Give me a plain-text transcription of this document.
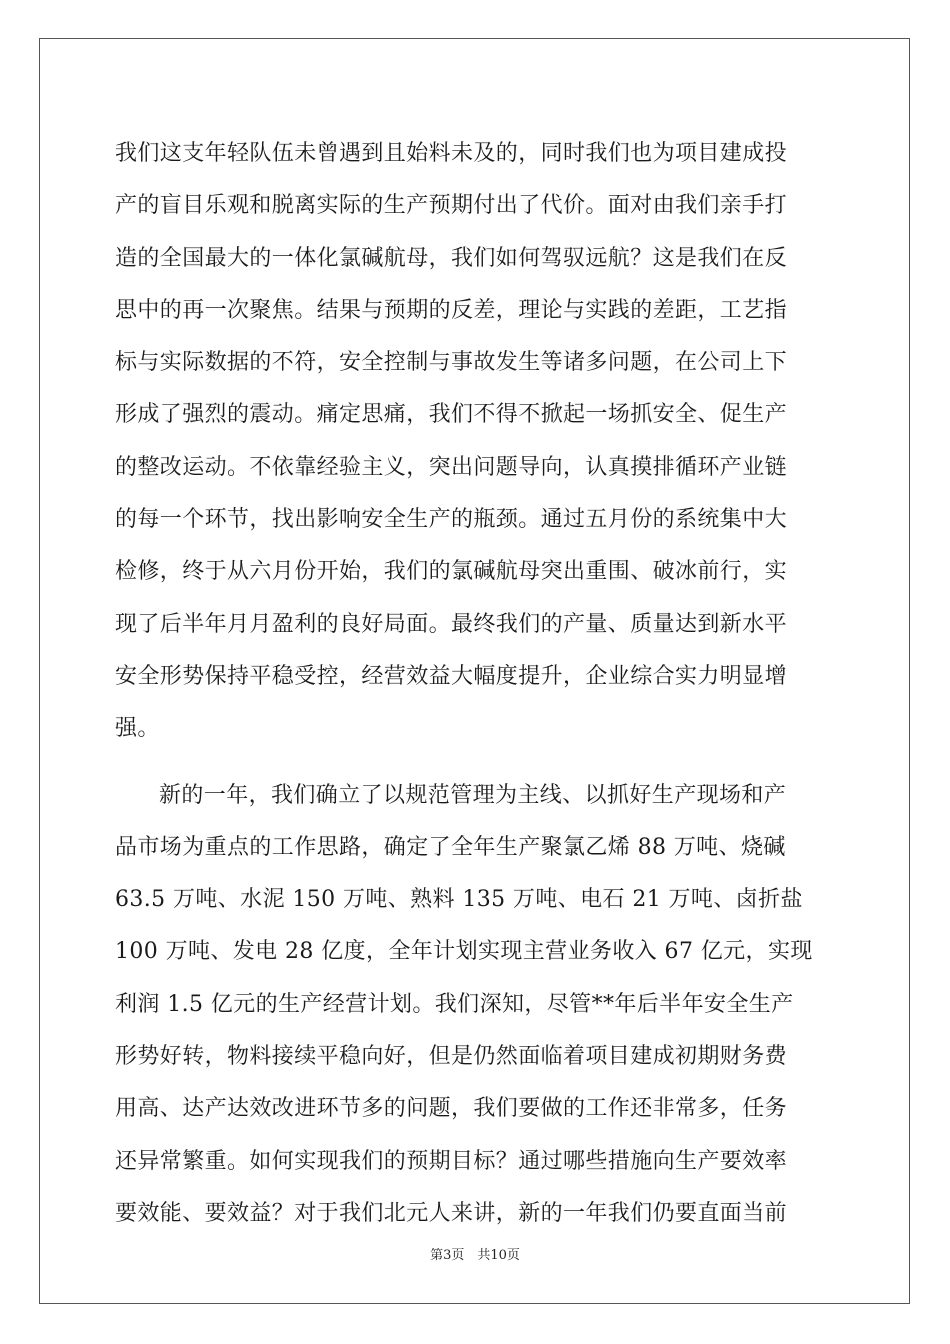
我们这支年轻队伍未曾遇到且始料未及的，同时我们也为项目建成投
产的盲目乐观和脱离实际的生产预期付出了代价。面对由我们亲手打
造的全国最大的一体化氯碱航母，我们如何驾驭远航？这是我们在反
思中的再一次聚焦。结果与预期的反差，理论与实践的差距，工艺指
标与实际数据的不符，安全控制与事故发生等诸多问题，在公司上下
形成了强烈的震动。痛定思痛，我们不得不掀起一场抓安全、促生产
的整改运动。不依靠经验主义，突出问题导向，认真摸排循环产业链
的每一个环节，找出影响安全生产的瓶颈。通过五月份的系统集中大
检修，终于从六月份开始，我们的氯碱航母突出重围、破冰前行，实
现了后半年月月盈利的良好局面。最终我们的产量、质量达到新水平
安全形势保持平稳受控，经营效益大幅度提升，企业综合实力明显增
强。
新的一年，我们确立了以规范管理为主线、以抓好生产现场和产
品市场为重点的工作思路，确定了全年生产聚氯乙烯 88 万吨、烧碱
63.5 万吨、水泥 150 万吨、熟料 135 万吨、电石 21 万吨、卤折盐
100 万吨、发电 28 亿度，全年计划实现主营业务收入 67 亿元，实现
利润 1.5 亿元的生产经营计划。我们深知，尽管**年后半年安全生产
形势好转，物料接续平稳向好，但是仍然面临着项目建成初期财务费
用高、达产达效改进环节多的问题，我们要做的工作还非常多，任务
还异常繁重。如何实现我们的预期目标？通过哪些措施向生产要效率
要效能、要效益？对于我们北元人来讲，新的一年我们仍要直面当前
第3页　共10页
